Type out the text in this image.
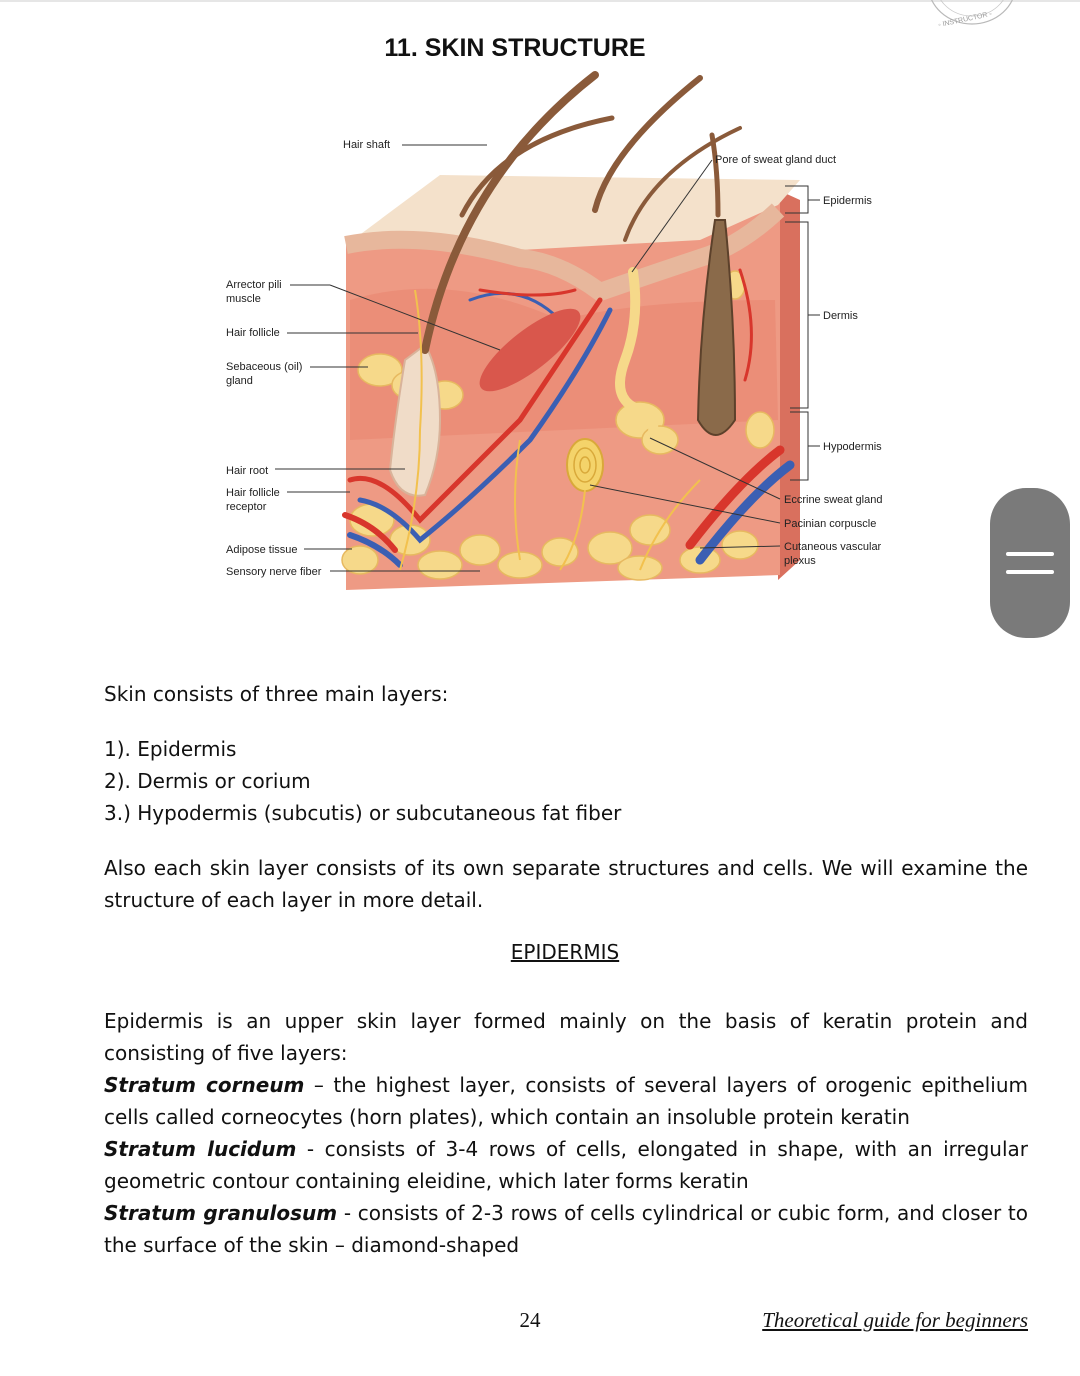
◦ INSTRUCTOR ◦
11. SKIN STRUCTURE
Hair shaft
Arrector pili
muscle
Hair follicle
Sebaceous (oil)
gland
Hair root
Hair follicle
receptor
Adipose tissue
Sensory nerve fiber
Pore of sweat gland duct
Epidermis
Dermis
Hypodermis
Eccrine sweat gland
Pacinian corpuscle
Cutaneous vascular
plexus
Skin consists of three main layers:
1). Epidermis
2). Dermis or corium
3.) Hypodermis (subcutis) or subcutaneous fat fiber
Also each skin layer consists of its own separate structures and cells. We will examine the structure of each layer in more detail.
EPIDERMIS
Epidermis is an upper skin layer formed mainly on the basis of keratin protein and consisting of five layers:
Stratum corneum – the highest layer, consists of several layers of orogenic epithelium cells called corneocytes (horn plates), which contain an insoluble protein keratin
Stratum lucidum - consists of 3-4 rows of cells, elongated in shape, with an irregular geometric contour containing eleidine, which later forms keratin
Stratum granulosum - consists of 2-3 rows of cells cylindrical or cubic form, and closer to the surface of the skin – diamond-shaped
24	Theoretical guide for beginners
